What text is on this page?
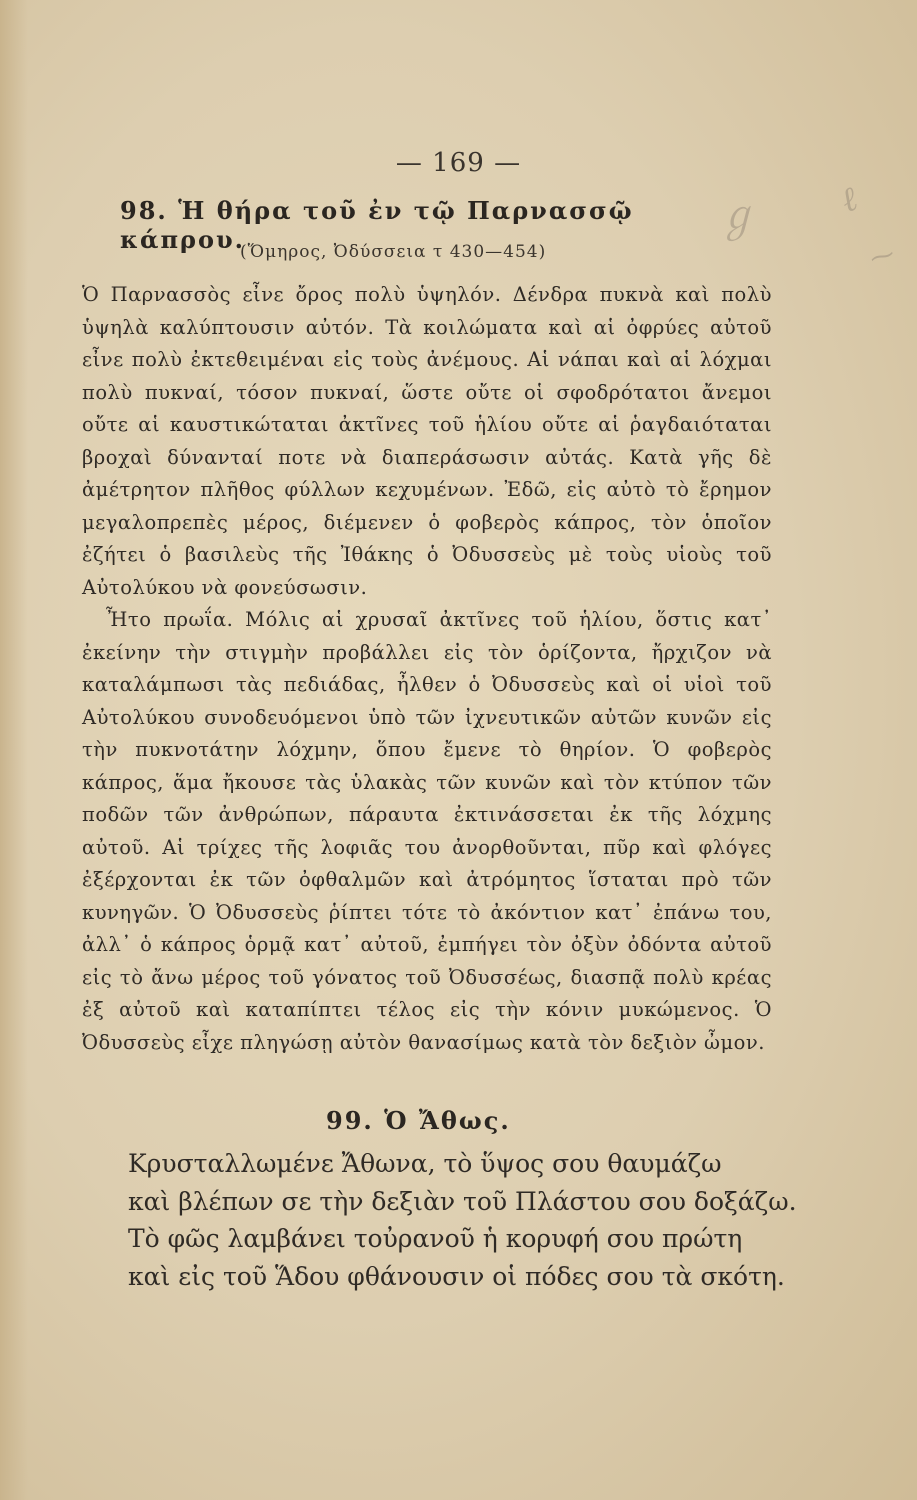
ℊ ℓ
⁓
— 169 —
98. Ἡ θήρα τοῦ ἐν τῷ Παρνασσῷ κάπρου.
(Ὅμηρος, Ὀδύσσεια τ 430—454)

Ὁ Παρνασσὸς εἶνε ὄρος πολὺ ὑψηλόν. Δένδρα πυκνὰ καὶ πολὺ ὑψηλὰ καλύπτουσιν αὐτόν. Τὰ κοιλώματα καὶ αἱ ὀφρύες αὐτοῦ εἶνε πολὺ ἐκτεθειμέναι εἰς τοὺς ἀνέμους. Αἱ νάπαι καὶ αἱ λόχμαι πολὺ πυκναί, τόσον πυκναί, ὥστε οὔτε οἱ σφοδρότατοι ἄνεμοι οὔτε αἱ καυστικώταται ἀκτῖνες τοῦ ἡλίου οὔτε αἱ ῥαγδαιόταται βροχαὶ δύνανταί ποτε νὰ διαπεράσωσιν αὐτάς. Κατὰ γῆς δὲ ἀμέτρητον πλῆθος φύλλων κεχυμένων. Ἐδῶ, εἰς αὐτὸ τὸ ἔρημον μεγαλοπρεπὲς μέρος, διέμενεν ὁ φοβερὸς κάπρος, τὸν ὁποῖον ἐζήτει ὁ βασιλεὺς τῆς Ἰθάκης ὁ Ὀδυσσεὺς μὲ τοὺς υἱοὺς τοῦ Αὐτολύκου νὰ φονεύσωσιν.

Ἦτο πρωΐα. Μόλις αἱ χρυσαῖ ἀκτῖνες τοῦ ἡλίου, ὅστις κατ᾿ ἐκείνην τὴν στιγμὴν προβάλλει εἰς τὸν ὁρίζοντα, ἤρχιζον νὰ καταλάμπωσι τὰς πεδιάδας, ἦλθεν ὁ Ὀδυσσεὺς καὶ οἱ υἱοὶ τοῦ Αὐτολύκου συνοδευόμενοι ὑπὸ τῶν ἰχνευτικῶν αὐτῶν κυνῶν εἰς τὴν πυκνοτάτην λόχμην, ὅπου ἔμενε τὸ θηρίον. Ὁ φοβερὸς κάπρος, ἅμα ἤκουσε τὰς ὑλακὰς τῶν κυνῶν καὶ τὸν κτύπον τῶν ποδῶν τῶν ἀνθρώπων, πάραυτα ἐκτινάσσεται ἐκ τῆς λόχμης αὐτοῦ. Αἱ τρίχες τῆς λοφιᾶς του ἀνορθοῦνται, πῦρ καὶ φλόγες ἐξέρχονται ἐκ τῶν ὀφθαλμῶν καὶ ἀτρόμητος ἵσταται πρὸ τῶν κυνηγῶν. Ὁ Ὀδυσσεὺς ῥίπτει τότε τὸ ἀκόντιον κατ᾿ ἐπάνω του, ἀλλ᾿ ὁ κάπρος ὁρμᾷ κατ᾿ αὐτοῦ, ἐμπήγει τὸν ὀξὺν ὀδόντα αὐτοῦ εἰς τὸ ἄνω μέρος τοῦ γόνατος τοῦ Ὀδυσσέως, διασπᾷ πολὺ κρέας ἐξ αὐτοῦ καὶ καταπίπτει τέλος εἰς τὴν κόνιν μυκώμενος. Ὁ Ὀδυσσεὺς εἶχε πληγώσῃ αὐτὸν θανασίμως κατὰ τὸν δεξιὸν ὦμον.

99. Ὁ Ἄθως.
Κρυσταλλωμένε Ἄθωνα, τὸ ὕψος σου θαυμάζω
καὶ βλέπων σε τὴν δεξιὰν τοῦ Πλάστου σου δοξάζω.
Τὸ φῶς λαμβάνει τοὐρανοῦ ἡ κορυφή σου πρώτη
καὶ εἰς τοῦ Ἅδου φθάνουσιν οἱ πόδες σου τὰ σκότη.
